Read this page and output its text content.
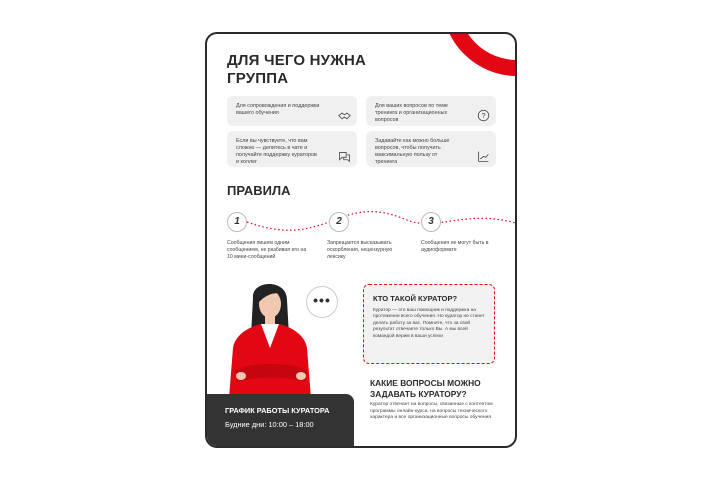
ДЛЯ ЧЕГО НУЖНА ГРУППА
Для сопровождения и поддержки вашего обучения
Для ваших вопросов по теме тренинга и организационных вопросов
?
Если вы чувствуете, что вам сложно — делитесь в чате и получайте поддержку кураторов и коллег
Задавайте как можно больше вопросов, чтобы получить максимальную пользу от тренинга
ПРАВИЛА
1	2	3
Сообщения пишем одним сообщением, не разбивая его на 10 мини-сообщений
Запрещается высказывать оскорбления, нецензурную лексику
Сообщения не могут быть в аудиоформате
•••	КТО ТАКОЙ КУРАТОР?
Куратор — это ваш помощник и поддержка на протяжении всего обучения. Но куратор не станет делать работу за вас. Помните, что за свой результат отвечаете только Вы. А мы всей командой верим в ваши успехи
КАКИЕ ВОПРОСЫ МОЖНО ЗАДАВАТЬ КУРАТОРУ?
Куратор отвечает на вопросы, связанные с контентом программы онлайн-курса, на вопросы технического характера и все организационные вопросы обучения
ГРАФИК РАБОТЫ КУРАТОРА
Будние дни: 10:00 – 18:00
